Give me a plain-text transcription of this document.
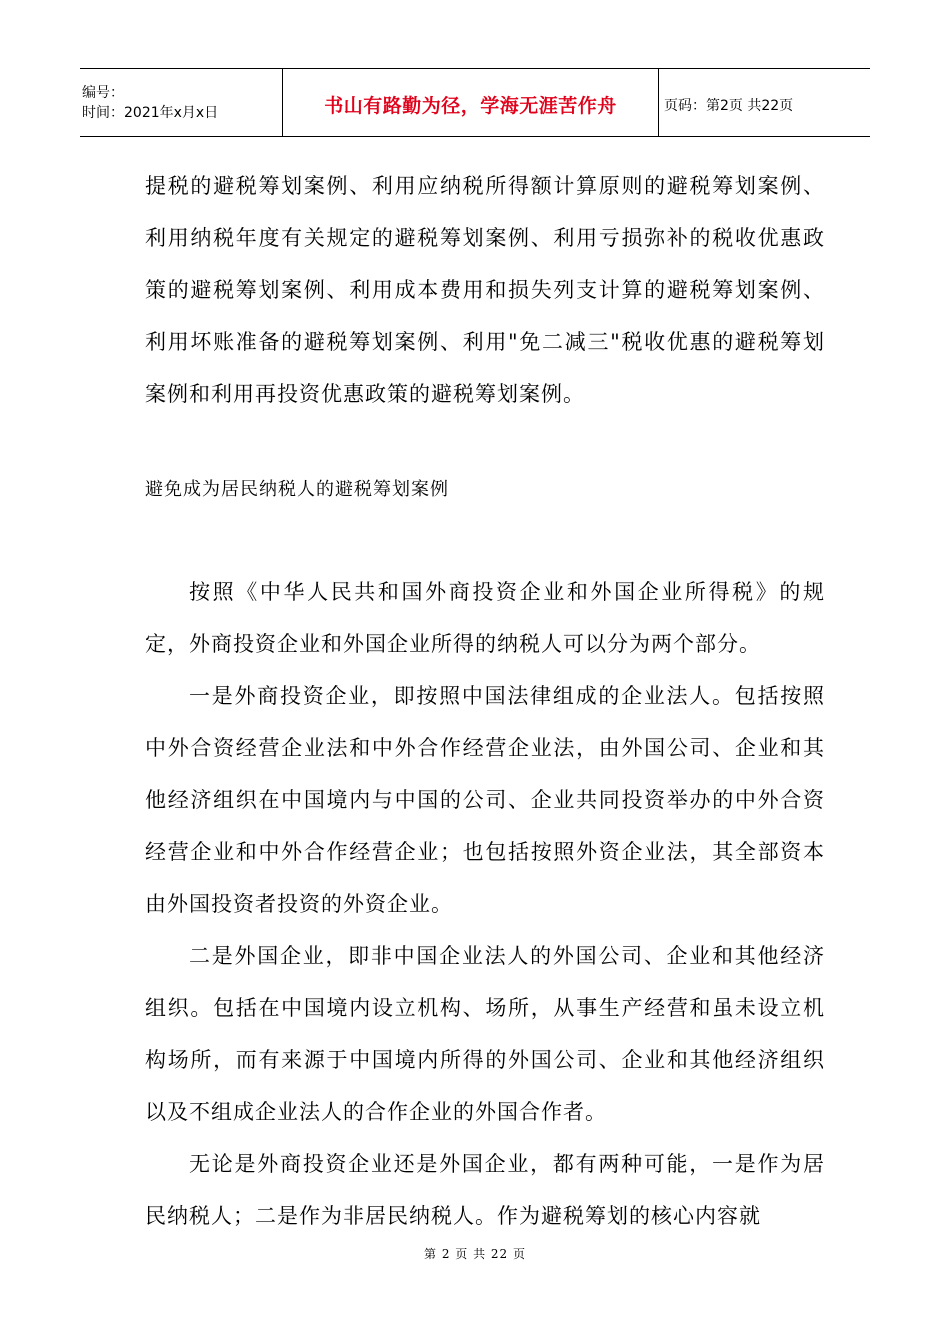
编号：
时间：2021年x月x日	书山有路勤为径，学海无涯苦作舟	页码：第2页 共22页

提税的避税筹划案例、利用应纳税所得额计算原则的避税筹划案例、利用纳税年度有关规定的避税筹划案例、利用亏损弥补的税收优惠政策的避税筹划案例、利用成本费用和损失列支计算的避税筹划案例、利用坏账准备的避税筹划案例、利用"免二减三"税收优惠的避税筹划案例和利用再投资优惠政策的避税筹划案例。

避免成为居民纳税人的避税筹划案例

按照《中华人民共和国外商投资企业和外国企业所得税》的规定，外商投资企业和外国企业所得的纳税人可以分为两个部分。

一是外商投资企业，即按照中国法律组成的企业法人。包括按照中外合资经营企业法和中外合作经营企业法，由外国公司、企业和其他经济组织在中国境内与中国的公司、企业共同投资举办的中外合资经营企业和中外合作经营企业；也包括按照外资企业法，其全部资本由外国投资者投资的外资企业。

二是外国企业，即非中国企业法人的外国公司、企业和其他经济组织。包括在中国境内设立机构、场所，从事生产经营和虽未设立机构场所，而有来源于中国境内所得的外国公司、企业和其他经济组织以及不组成企业法人的合作企业的外国合作者。

无论是外商投资企业还是外国企业，都有两种可能，一是作为居民纳税人；二是作为非居民纳税人。作为避税筹划的核心内容就

第 2 页 共 22 页
